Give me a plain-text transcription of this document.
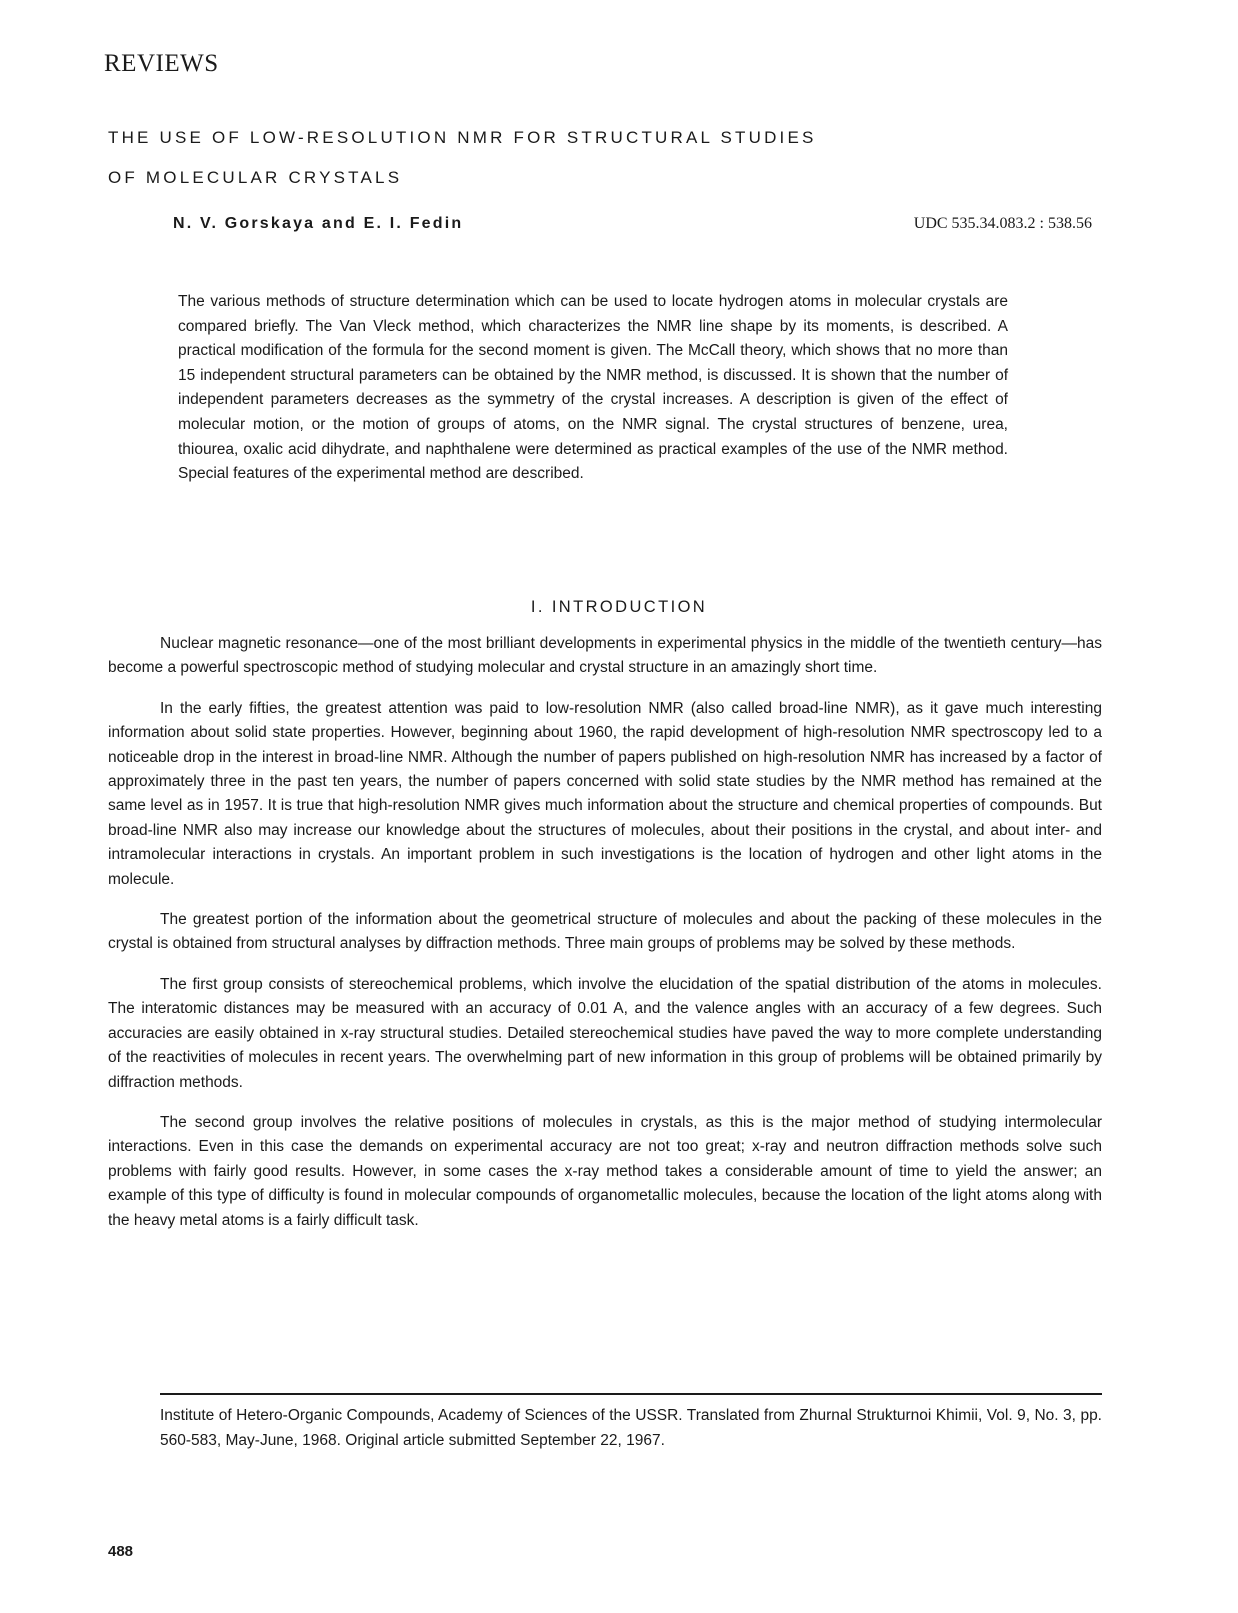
REVIEWS
THE USE OF LOW-RESOLUTION NMR FOR STRUCTURAL STUDIES
OF MOLECULAR CRYSTALS
N. V. Gorskaya and E. I. Fedin	UDC 535.34.083.2 : 538.56
The various methods of structure determination which can be used to locate hydrogen atoms in molecular crystals are compared briefly. The Van Vleck method, which characterizes the NMR line shape by its moments, is described. A practical modification of the formula for the second moment is given. The McCall theory, which shows that no more than 15 independent structural parameters can be obtained by the NMR method, is discussed. It is shown that the number of independent parameters decreases as the symmetry of the crystal increases. A description is given of the effect of molecular motion, or the motion of groups of atoms, on the NMR signal. The crystal structures of benzene, urea, thiourea, oxalic acid dihydrate, and naphthalene were determined as practical examples of the use of the NMR method. Special features of the experimental method are described.
I. INTRODUCTION

Nuclear magnetic resonance—one of the most brilliant developments in experimental physics in the middle of the twentieth century—has become a powerful spectroscopic method of studying molecular and crystal structure in an amazingly short time.

In the early fifties, the greatest attention was paid to low-resolution NMR (also called broad-line NMR), as it gave much interesting information about solid state properties. However, beginning about 1960, the rapid development of high-resolution NMR spectroscopy led to a noticeable drop in the interest in broad-line NMR. Although the number of papers published on high-resolution NMR has increased by a factor of approximately three in the past ten years, the number of papers concerned with solid state studies by the NMR method has remained at the same level as in 1957. It is true that high-resolution NMR gives much information about the structure and chemical properties of compounds. But broad-line NMR also may increase our knowledge about the structures of molecules, about their positions in the crystal, and about inter- and intramolecular interactions in crystals. An important problem in such investigations is the location of hydrogen and other light atoms in the molecule.

The greatest portion of the information about the geometrical structure of molecules and about the packing of these molecules in the crystal is obtained from structural analyses by diffraction methods. Three main groups of problems may be solved by these methods.

The first group consists of stereochemical problems, which involve the elucidation of the spatial distribution of the atoms in molecules. The interatomic distances may be measured with an accuracy of 0.01 A, and the valence angles with an accuracy of a few degrees. Such accuracies are easily obtained in x-ray structural studies. Detailed stereochemical studies have paved the way to more complete understanding of the reactivities of molecules in recent years. The overwhelming part of new information in this group of problems will be obtained primarily by diffraction methods.

The second group involves the relative positions of molecules in crystals, as this is the major method of studying intermolecular interactions. Even in this case the demands on experimental accuracy are not too great; x-ray and neutron diffraction methods solve such problems with fairly good results. However, in some cases the x-ray method takes a considerable amount of time to yield the answer; an example of this type of difficulty is found in molecular compounds of organometallic molecules, because the location of the light atoms along with the heavy metal atoms is a fairly difficult task.

Institute of Hetero-Organic Compounds, Academy of Sciences of the USSR. Translated from Zhurnal Strukturnoi Khimii, Vol. 9, No. 3, pp. 560-583, May-June, 1968. Original article submitted September 22, 1967.
488
